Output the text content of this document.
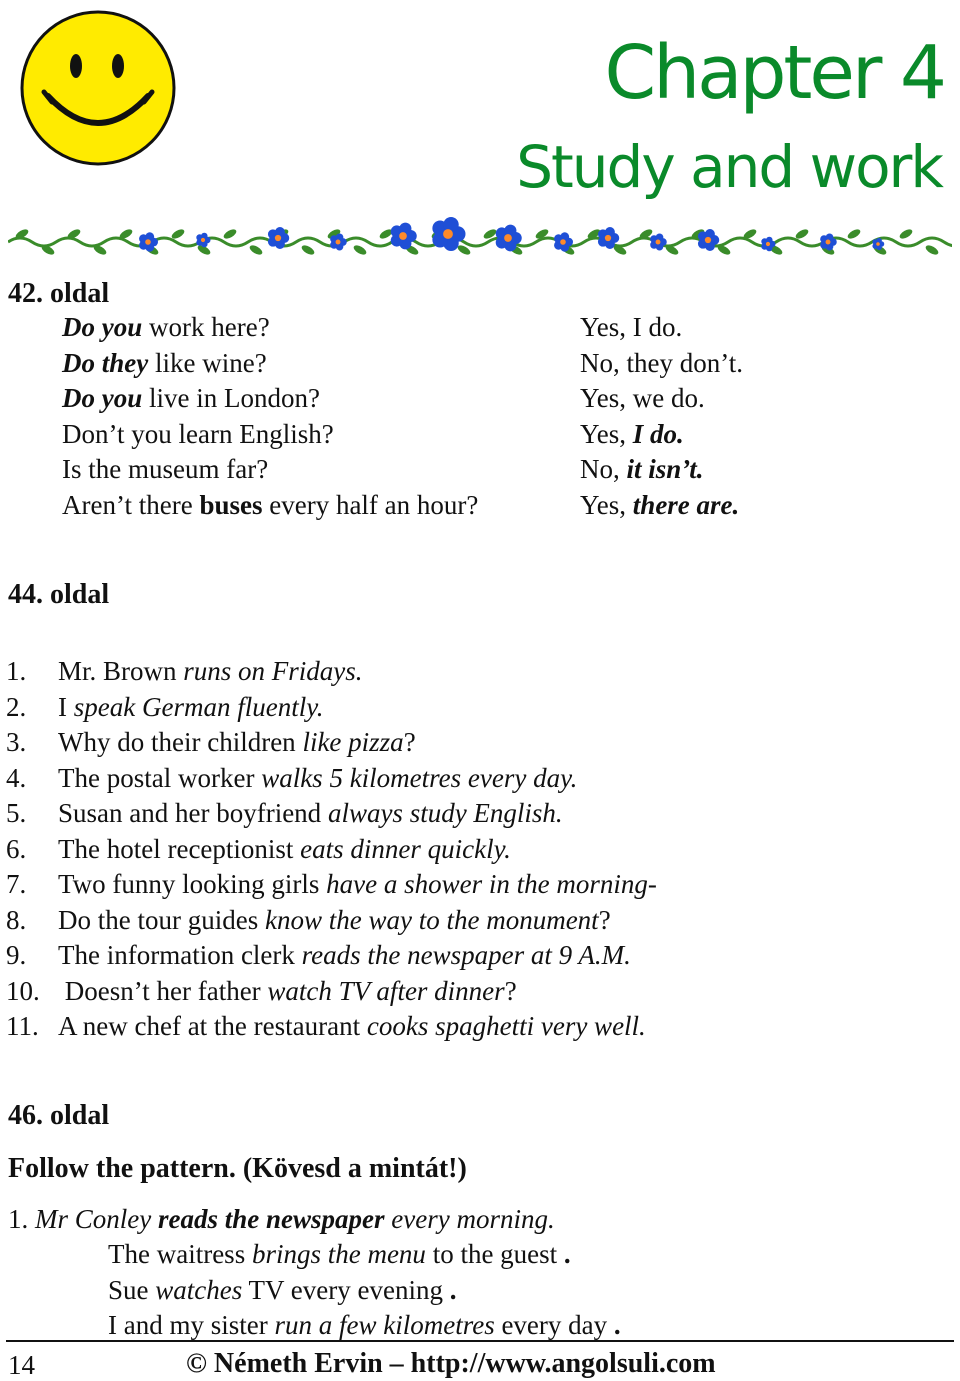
Chapter 4
Study and work
42. oldal
Do you work here?
Do they like wine?
Do you live in London?
Don’t you learn English?
Is the museum far?
Aren’t there buses every half an hour?
Yes, I do.
No, they don’t.
Yes, we do.
Yes, I do.
No, it isn’t.
Yes, there are.
44. oldal
1. Mr. Brown runs on Fridays.
2. I speak German fluently.
3. Why do their children like pizza?
4. The postal worker walks 5 kilometres every day.
5. Susan and her boyfriend always study English.
6. The hotel receptionist eats dinner quickly.
7. Two funny looking girls have a shower in the morning-
8. Do the tour guides know the way to the monument?
9. The information clerk reads the newspaper at 9 A.M.
10. Doesn’t her father watch TV after dinner?
11. A new chef at the restaurant cooks spaghetti very well.
46. oldal
Follow the pattern. (Kövesd a mintát!)
1. Mr Conley reads the newspaper every morning.
The waitress brings the menu to the guest .
Sue watches TV every evening .
I and my sister run a few kilometres every day .
14	© Németh Ervin – http://www.angolsuli.com
